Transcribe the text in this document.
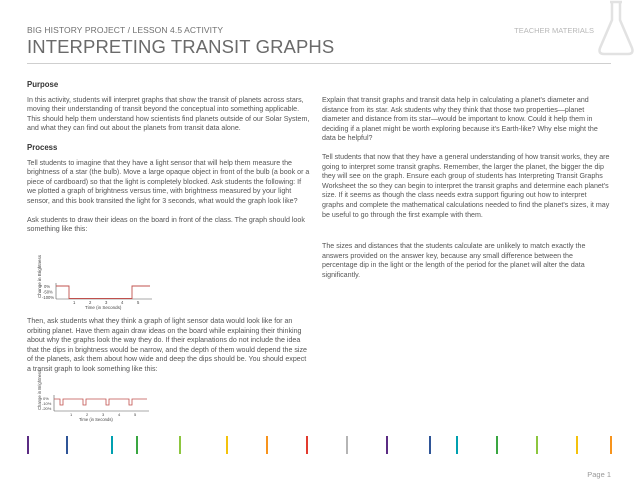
BIG HISTORY PROJECT / LESSON 4.5 ACTIVITY
INTERPRETING TRANSIT GRAPHS
TEACHER MATERIALS
Purpose

In this activity, students will interpret graphs that show the transit of planets across stars, moving their understanding of transit beyond the conceptual into something applicable. This should help them understand how scientists find planets outside of our Solar System, and what they can find out about the planets from transit data alone.

Process

Tell students to imagine that they have a light sensor that will help them measure the brightness of a star (the bulb). Move a large opaque object in front of the bulb (a book or a piece of cardboard) so that the light is completely blocked. Ask students the following: If we plotted a graph of brightness versus time, with brightness measured by your light sensor, and this book transited the light for 3 seconds, what would the graph look like?

Ask students to draw their ideas on the board in front of the class. The graph should look something like this:

Change in Brightness 0%
-50%
-100%
1	2	3	4	5
Time (in Seconds)

Then, ask students what they think a graph of light sensor data would look like for an orbiting planet. Have them again draw ideas on the board while explaining their thinking about why the graphs look the way they do. If their explanations do not include the idea that the dips in brightness would be narrow, and the depth of them would depend the size of the planets, ask them about how wide and deep the dips should be. You should expect a transit graph to look something like this:

Change in Brightness 0%
-10%
-20%
1	2	3	4	5
Time (in Seconds)

Explain that transit graphs and transit data help in calculating a planet's diameter and distance from its star. Ask students why they think that those two properties—planet diameter and distance from its star—would be important to know. Could it help them in deciding if a planet might be worth exploring because it's Earth-like? Why else might the data be helpful?

Tell students that now that they have a general understanding of how transit works, they are going to interpret some transit graphs. Remember, the larger the planet, the bigger the dip they will see on the graph. Ensure each group of students has Interpreting Transit Graphs Worksheet the so they can begin to interpret the transit graphs and determine each planet's size. If it seems as though the class needs extra support figuring out how to interpret graphs and complete the mathematical calculations needed to find the planet's sizes, it may be useful to go through the first example with them.

The sizes and distances that the students calculate are unlikely to match exactly the answers provided on the answer key, because any small difference between the percentage dip in the light or the length of the period for the planet will alter the data significantly.

Page 1
